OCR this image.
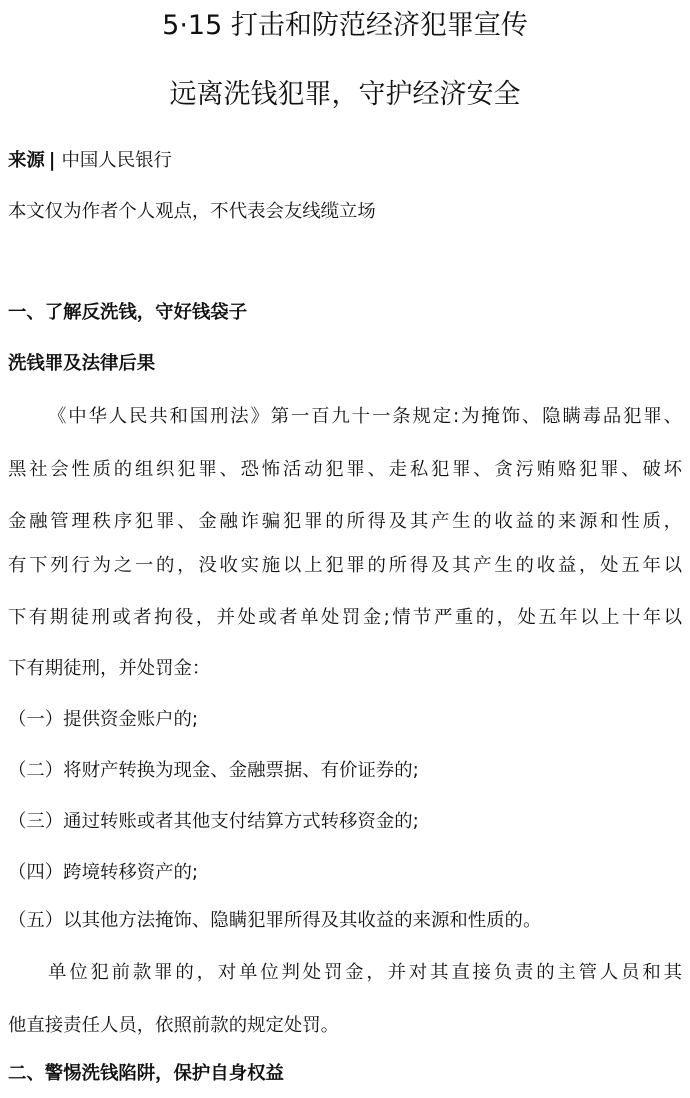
5·15 打击和防范经济犯罪宣传
远离洗钱犯罪，守护经济安全

来源 | 中国人民银行

本文仅为作者个人观点，不代表会友线缆立场

一、了解反洗钱，守好钱袋子

洗钱罪及法律后果

《中华人民共和国刑法》第一百九十一条规定:为掩饰、隐瞒毒品犯罪、

黑社会性质的组织犯罪、恐怖活动犯罪、走私犯罪、贪污贿赂犯罪、破坏

金融管理秩序犯罪、金融诈骗犯罪的所得及其产生的收益的来源和性质，

有下列行为之一的，没收实施以上犯罪的所得及其产生的收益，处五年以

下有期徒刑或者拘役，并处或者单处罚金;情节严重的，处五年以上十年以

下有期徒刑，并处罚金：

（一）提供资金账户的;

（二）将财产转换为现金、金融票据、有价证券的;

（三）通过转账或者其他支付结算方式转移资金的;

（四）跨境转移资产的;

（五）以其他方法掩饰、隐瞒犯罪所得及其收益的来源和性质的。

单位犯前款罪的，对单位判处罚金，并对其直接负责的主管人员和其

他直接责任人员，依照前款的规定处罚。

二、警惕洗钱陷阱，保护自身权益
